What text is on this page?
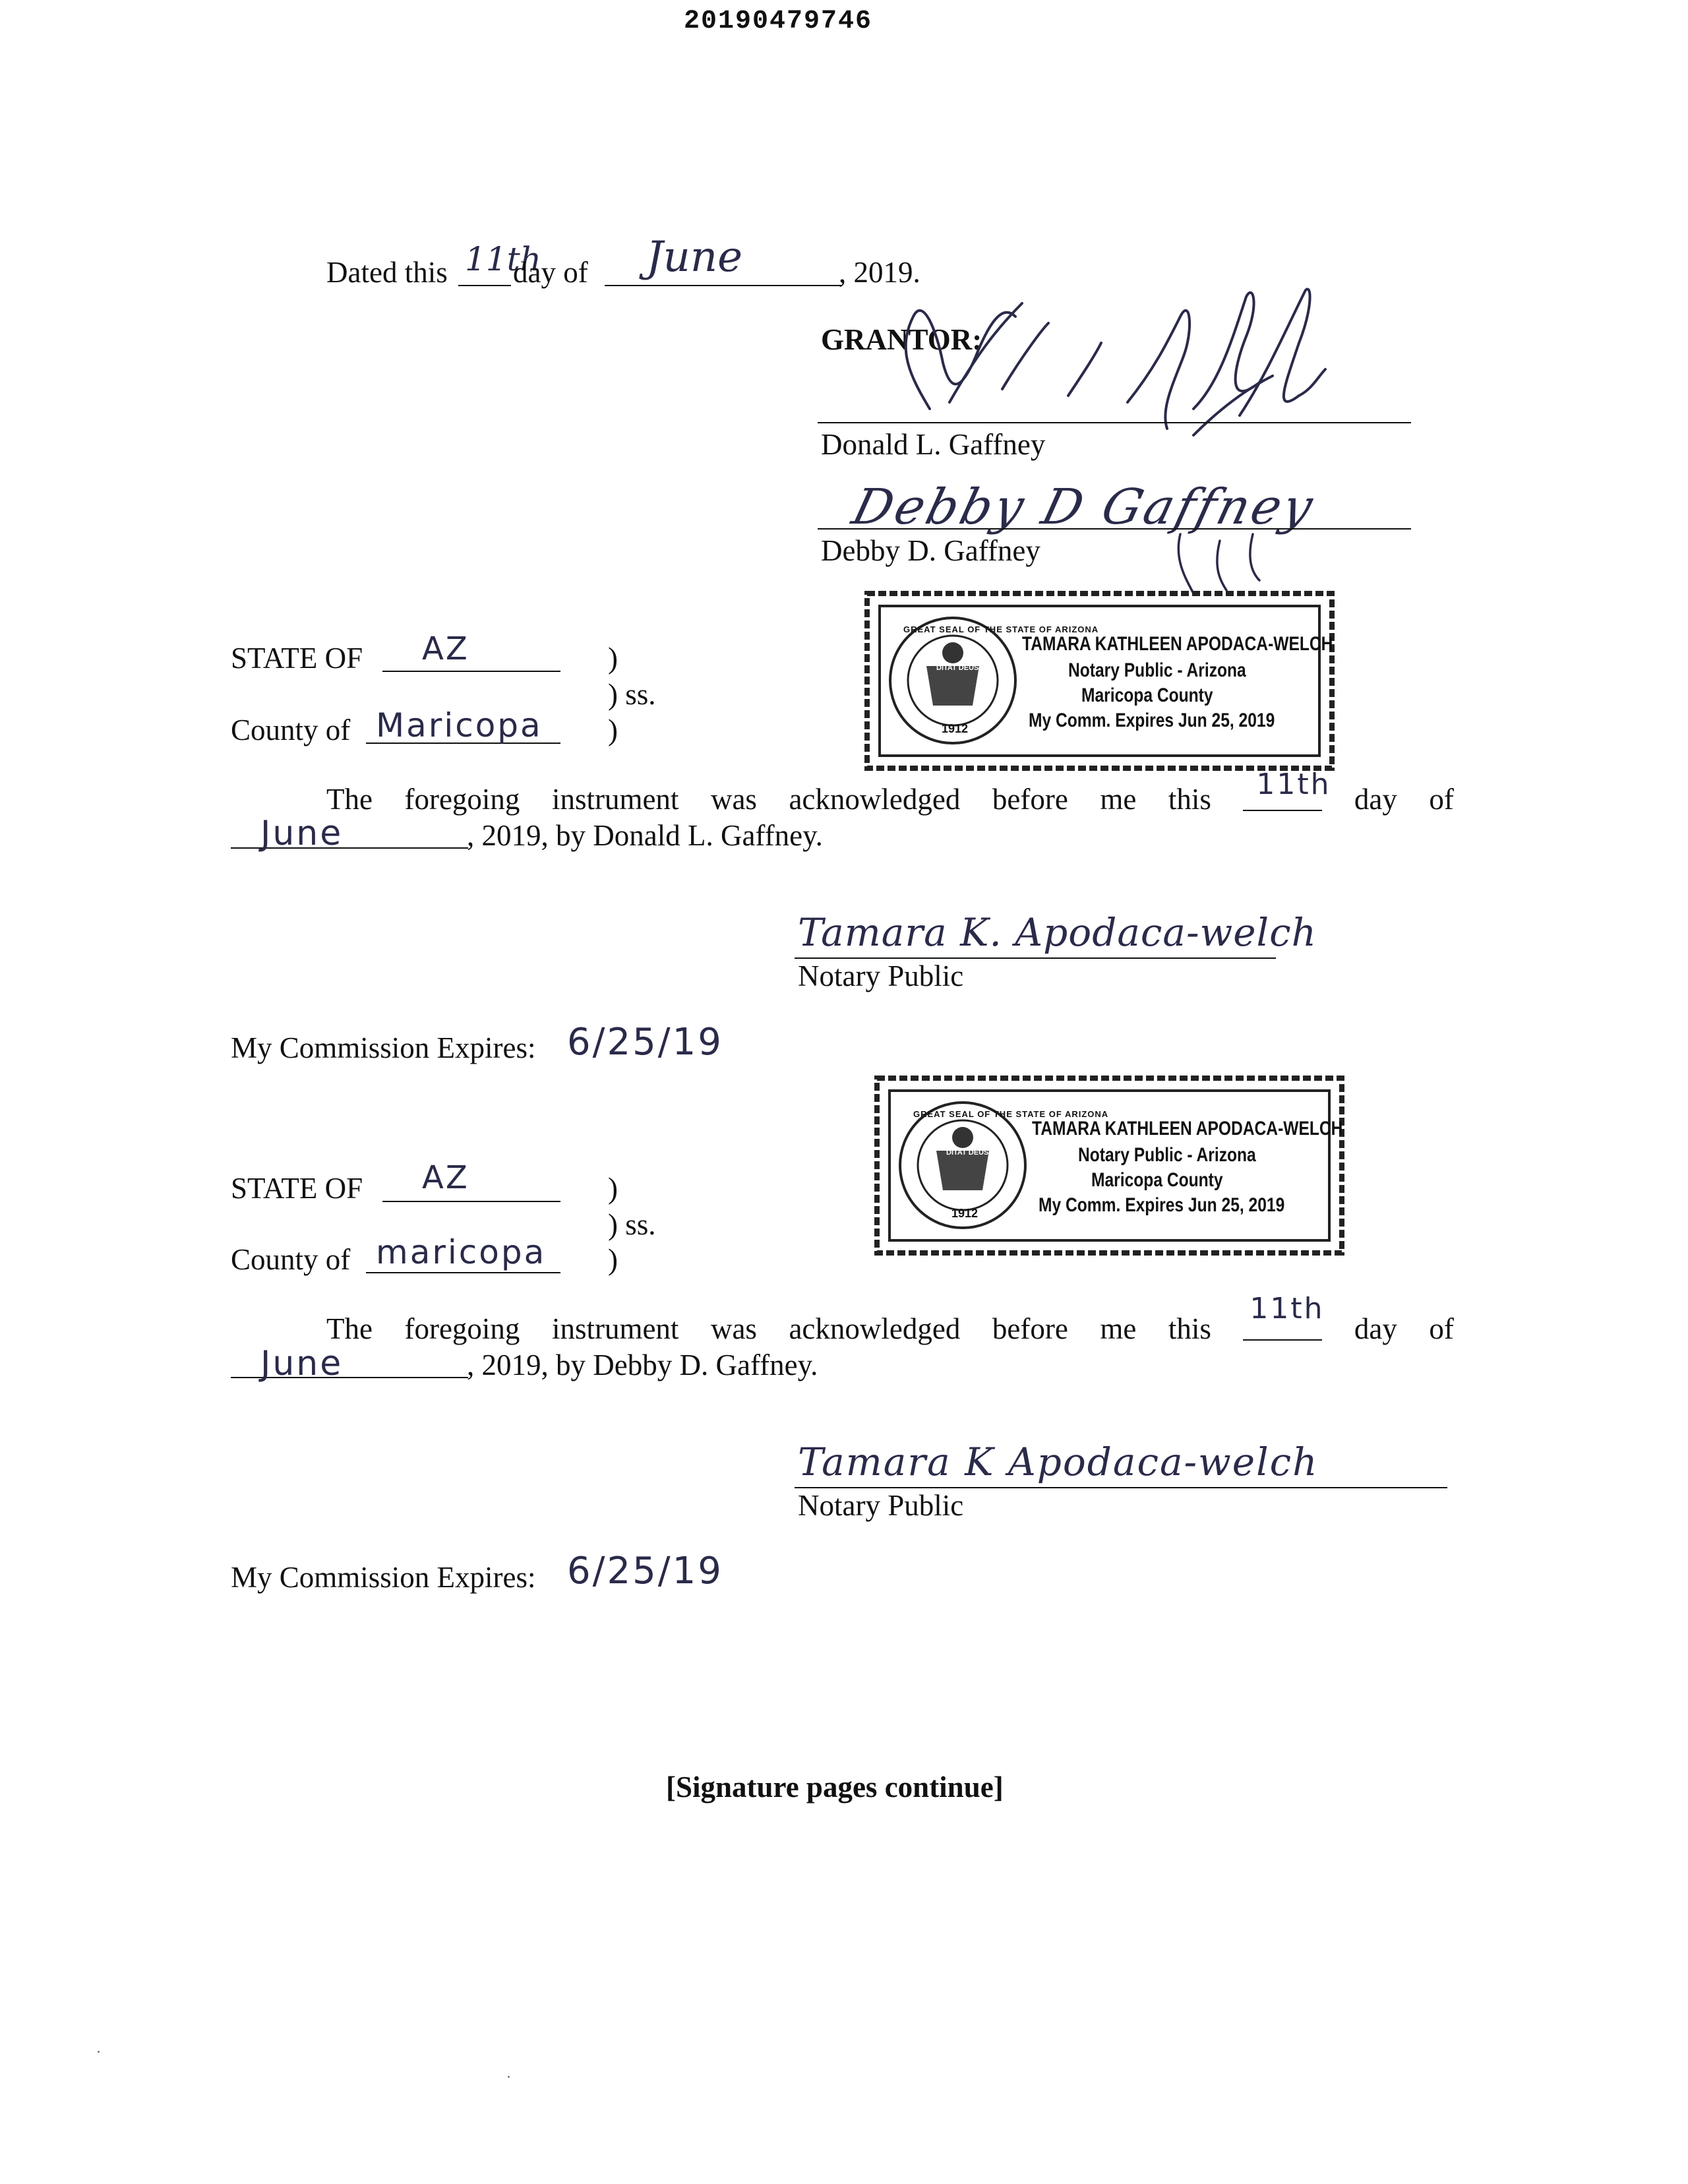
20190479746
Dated this 11th
day of June	, 2019.
GRANTOR:
Donald L. Gaffney
Debby D Gaffney
Debby D. Gaffney
1912
GREAT SEAL OF THE STATE OF ARIZONA
DITAT DEUS
TAMARA KATHLEEN APODACA-WELCH
Notary Public - Arizona
Maricopa County
My Comm. Expires Jun 25, 2019
STATE OF AZ	)
) ss.
County of Maricopa )
The foregoing instrument was acknowledged before me this 11th day of
June	, 2019, by Donald L. Gaffney.
Tamara K. Apodaca-welch
Notary Public
My Commission Expires: 6/25/19
1912
GREAT SEAL OF THE STATE OF ARIZONA
DITAT DEUS
TAMARA KATHLEEN APODACA-WELCH
Notary Public - Arizona
Maricopa County
My Comm. Expires Jun 25, 2019
STATE OF AZ	)
) ss.
County of maricopa )
The foregoing instrument was acknowledged before me this
11th
day of
June	, 2019, by Debby D. Gaffney.
Tamara K Apodaca-welch
Notary Public
My Commission Expires: 6/25/19
[Signature pages continue]
